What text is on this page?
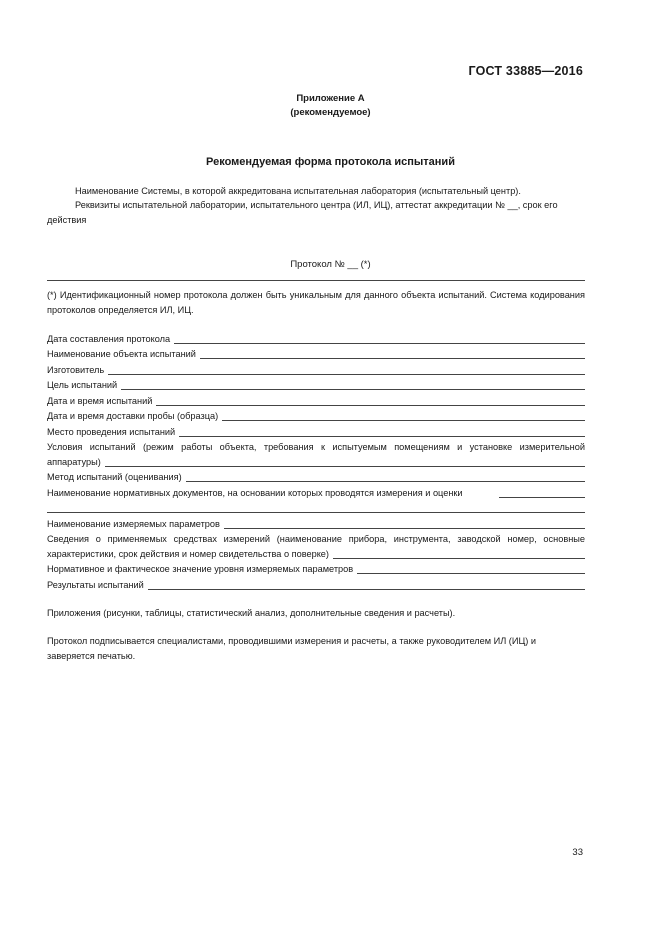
ГОСТ 33885—2016
Приложение А
(рекомендуемое)
Рекомендуемая форма протокола испытаний
Наименование Системы, в которой аккредитована испытательная лаборатория (испытательный центр).
Реквизиты испытательной лаборатории, испытательного центра (ИЛ, ИЦ), аттестат аккредитации № __, срок его действия
Протокол № __ (*)
(*) Идентификационный номер протокола должен быть уникальным для данного объекта испытаний. Система кодирования протоколов определяется ИЛ, ИЦ.
Дата составления протокола
Наименование объекта испытаний
Изготовитель
Цель испытаний
Дата и время испытаний
Дата и время доставки пробы (образца)
Место проведения испытаний
Условия испытаний (режим работы объекта, требования к испытуемым помещениям и установке измерительной
аппаратуры)
Метод испытаний (оценивания)
Наименование нормативных документов, на основании которых проводятся измерения и оценки
Наименование измеряемых параметров
Сведения о применяемых средствах измерений (наименование прибора, инструмента, заводской номер, основные
характеристики, срок действия и номер свидетельства о поверке)
Нормативное и фактическое значение уровня измеряемых параметров
Результаты испытаний
Приложения (рисунки, таблицы, статистический анализ, дополнительные сведения и расчеты).
Протокол подписывается специалистами, проводившими измерения и расчеты, а также руководителем ИЛ (ИЦ) и заверяется печатью.
33
